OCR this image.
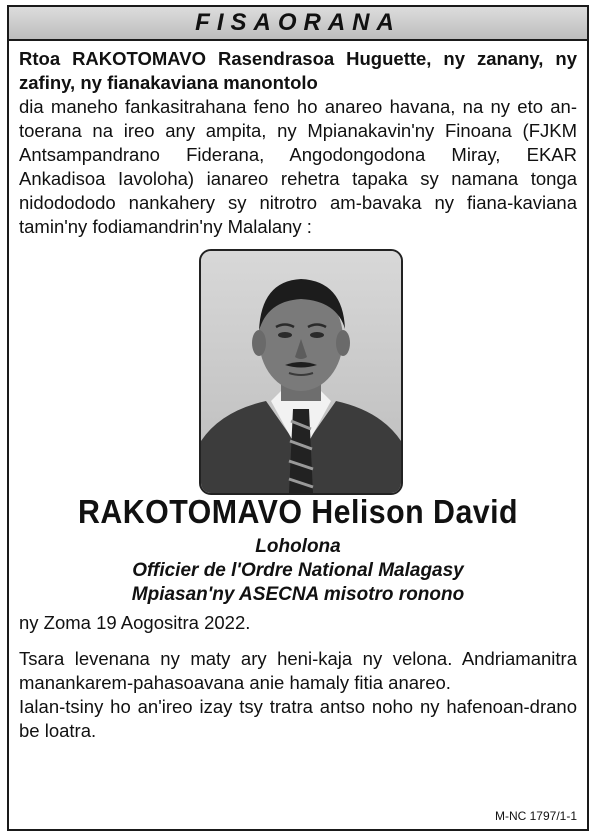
FISAORANA

Rtoa RAKOTOMAVO Rasendrasoa Huguette, ny zanany, ny zafiny, ny fianakaviana manontolo

dia maneho fankasitrahana feno ho anareo havana, na ny eto an-toerana na ireo any ampita, ny Mpianakavin'ny Finoana (FJKM Antsampandrano Fiderana, Angodongodona Miray, EKAR Ankadisoa Iavoloha) ianareo rehetra tapaka sy namana tonga nidodododo nankahery sy nitrotro am-bavaka ny fiana-kaviana tamin'ny fodiamandrin'ny Malalany :

RAKOTOMAVO Helison David
Loholona
Officier de l'Ordre National Malagasy
Mpiasan'ny ASECNA misotro ronono

ny Zoma 19 Aogositra 2022.

Tsara levenana ny maty ary heni-kaja ny velona. Andriamanitra manankarem-pahasoavana anie hamaly fitia anareo.
Ialan-tsiny ho an'ireo izay tsy tratra antso noho ny hafenoan-drano be loatra.
M-NC 1797/1-1
